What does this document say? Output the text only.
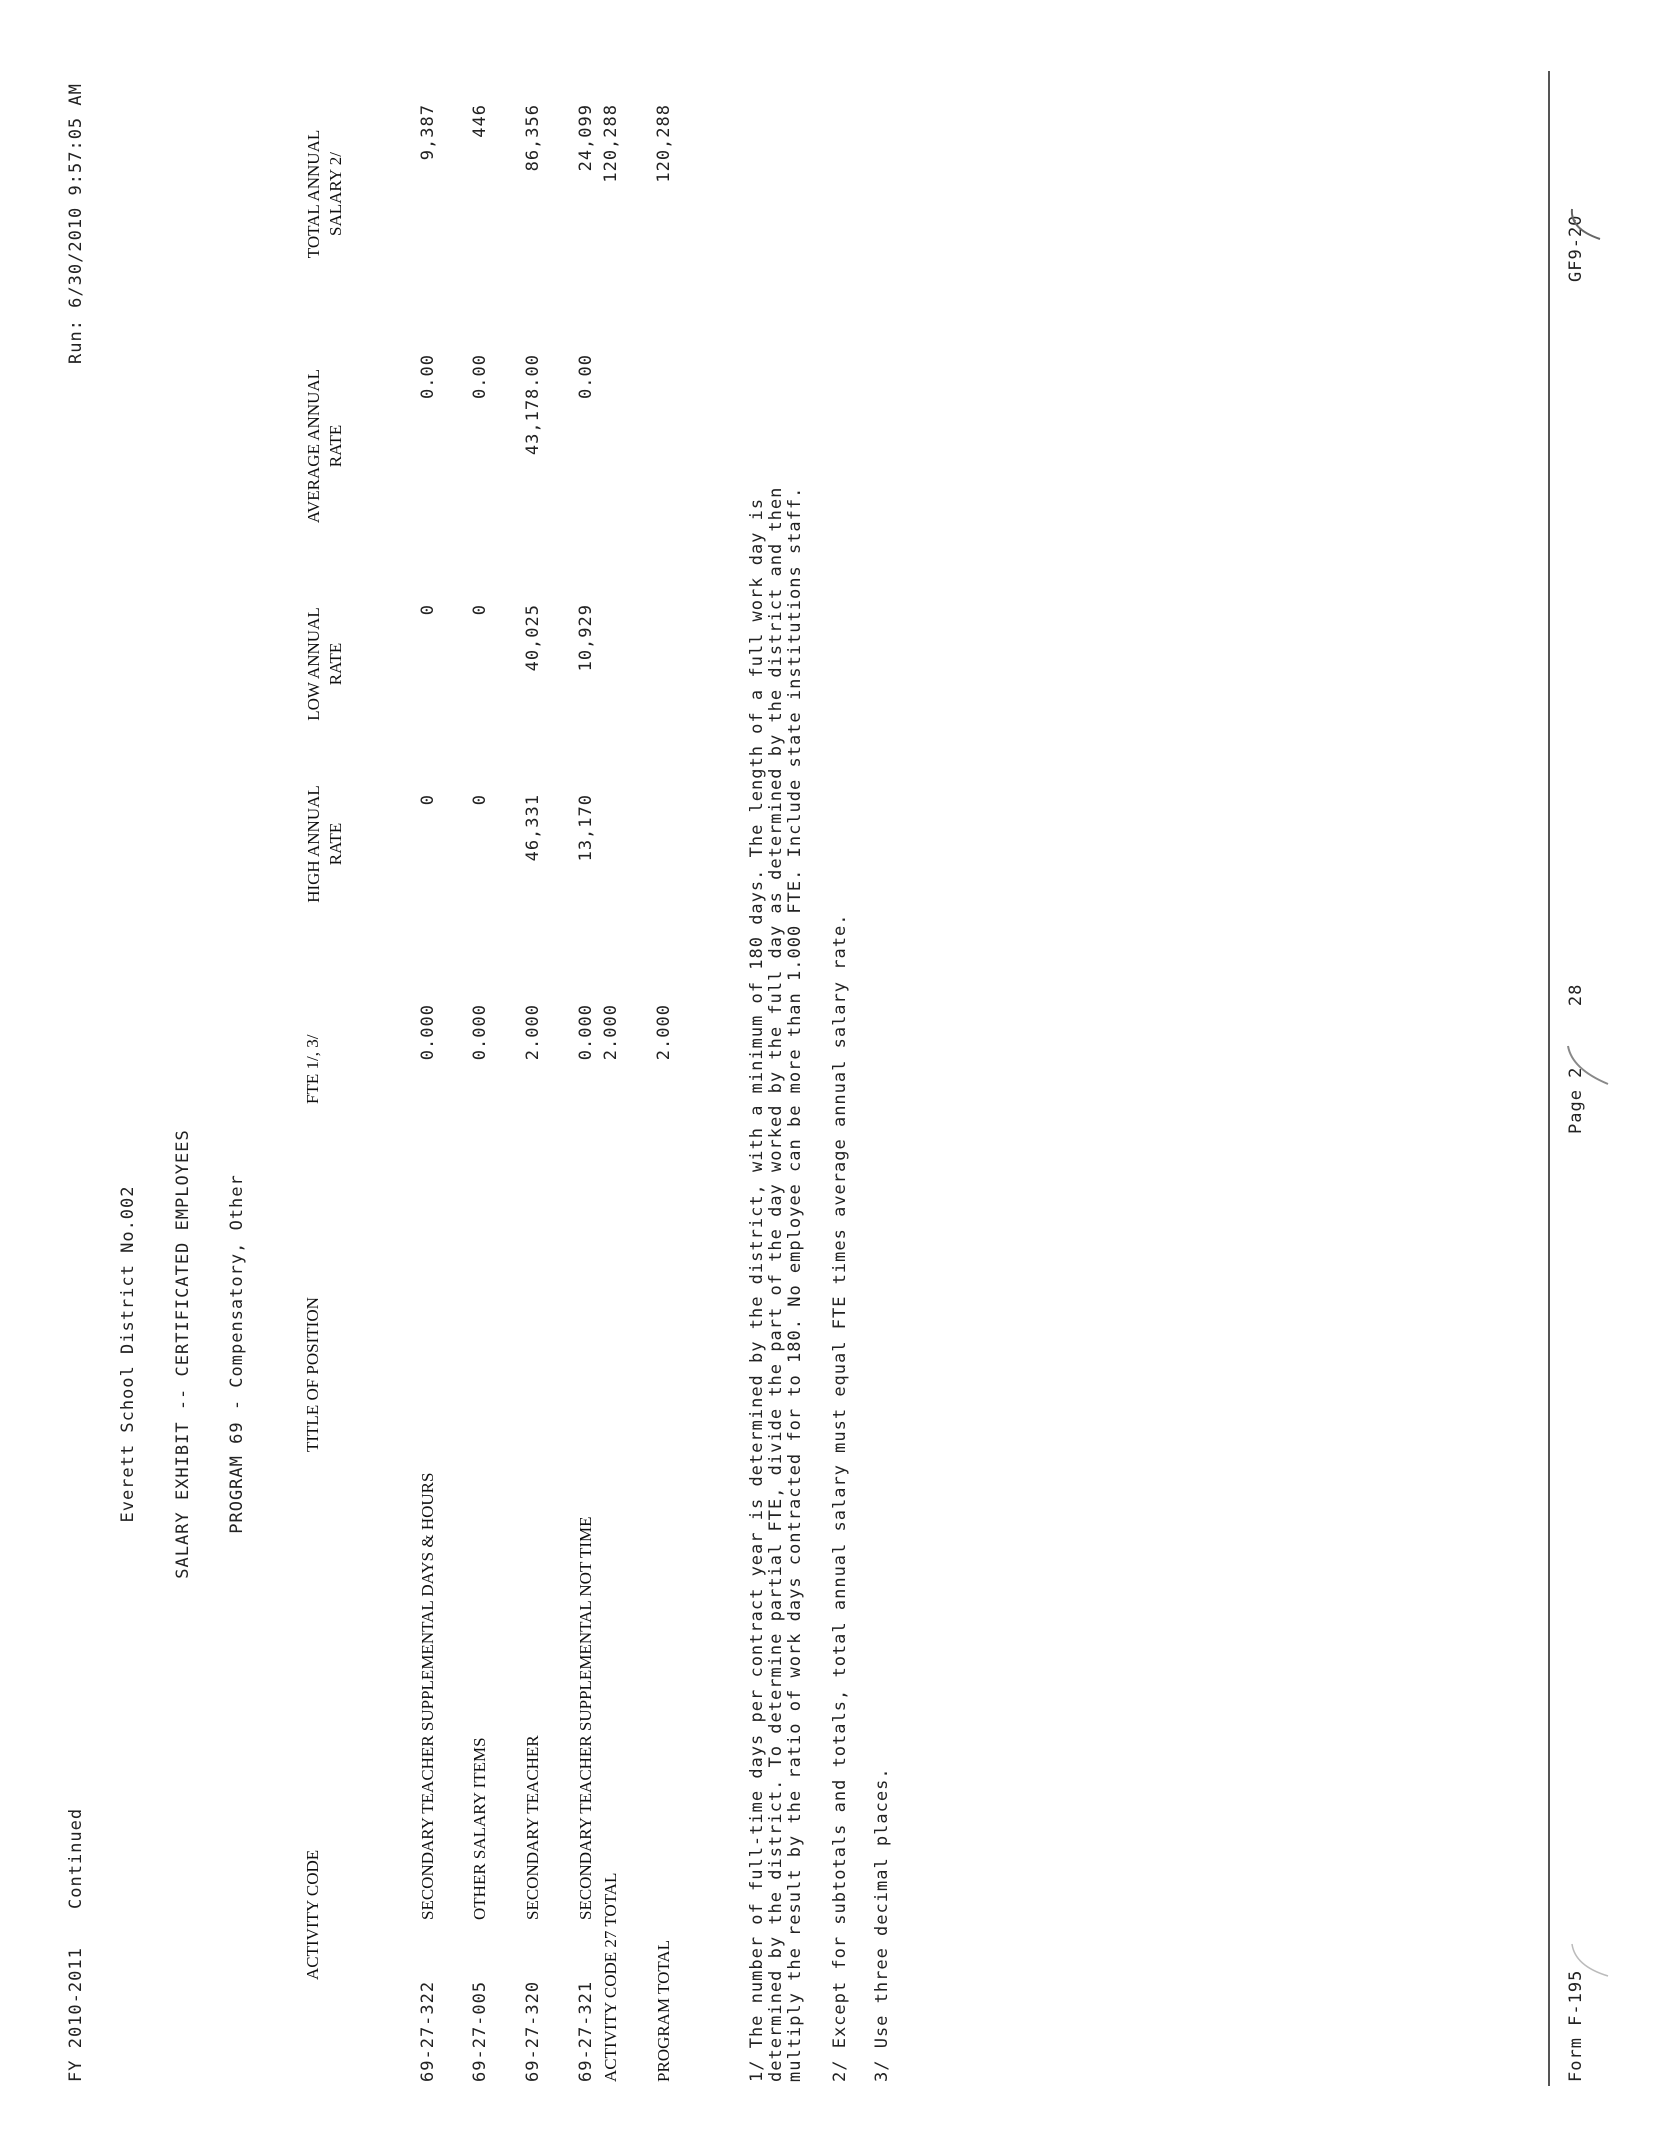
FY 2010-2011
Continued
Run: 6/30/2010 9:57:05 AM
Everett School District No.002 SALARY EXHIBIT -- CERTIFICATED EMPLOYEES PROGRAM 69 - Compensatory, Other
ACTIVITY CODE
TITLE OF POSITION
FTE 1/, 3/
HIGH ANNUAL RATE
LOW ANNUAL RATE
AVERAGE ANNUAL RATE
TOTAL ANNUAL SALARY 2/
69-27-322
SECONDARY TEACHER SUPPLEMENTAL DAYS & HOURS
0.000
0
0
0.00
9,387
69-27-005
OTHER SALARY ITEMS
0.000
0
0
0.00
446
69-27-320
SECONDARY TEACHER
2.000
46,331
40,025
43,178.00
86,356
69-27-321
SECONDARY TEACHER SUPPLEMENTAL NOT TIME
0.000
13,170
10,929
0.00
24,099
ACTIVITY CODE 27 TOTAL
2.000
120,288
PROGRAM TOTAL
2.000
120,288
1/ The number of full-time days per contract year is determined by the district, with a minimum of 180 days. The length of a full work day is determined by the district. To determine partial FTE, divide the part of the day worked by the full day as determined by the district and then multiply the result by the ratio of work days contracted for to 180. No employee can be more than 1.000 FTE. Include state institutions staff. 2/ Except for subtotals and totals, total annual salary must equal FTE times average annual salary rate. 3/ Use three decimal places.	Form F-195
Page 2  28
GF9-20
